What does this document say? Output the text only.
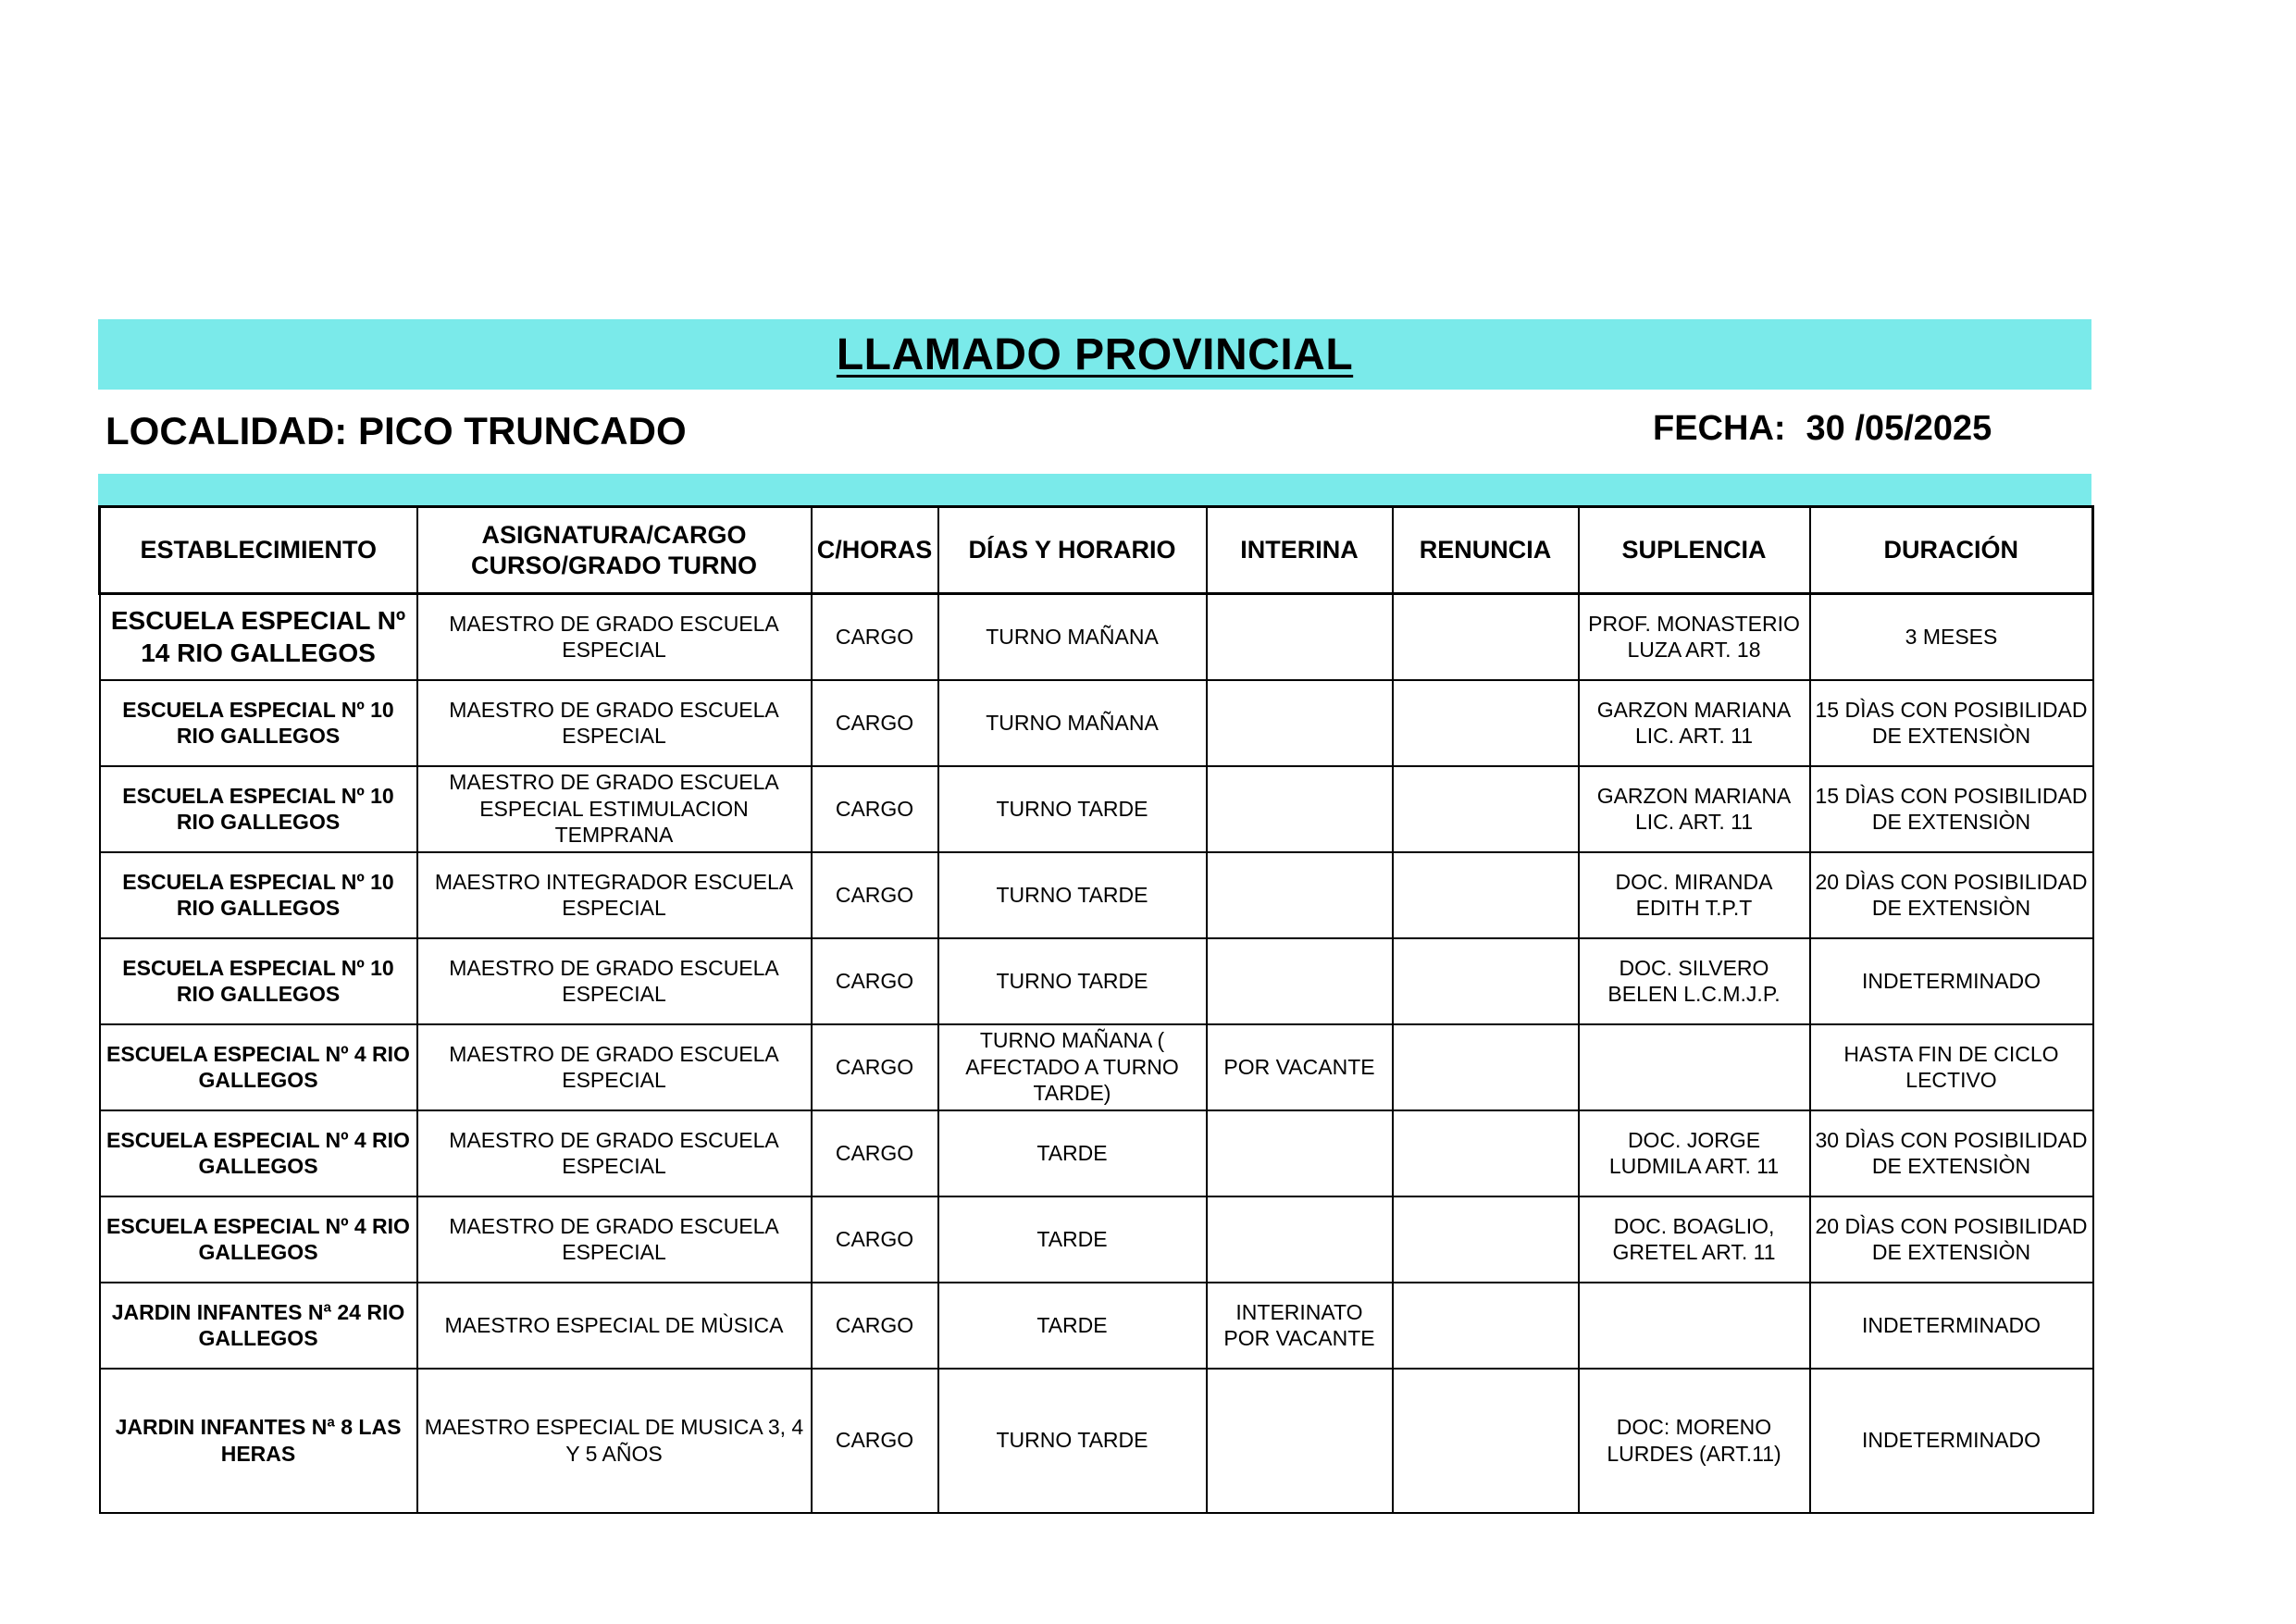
LLAMADO PROVINCIAL
LOCALIDAD: PICO TRUNCADO	FECHA: 30 /05/2025
ESTABLECIMIENTO	ASIGNATURA/CARGO CURSO/GRADO TURNO	C/HORAS	DÍAS Y HORARIO	INTERINA	RENUNCIA	SUPLENCIA	DURACIÓN
ESCUELA ESPECIAL Nº 14 RIO GALLEGOS	MAESTRO DE GRADO ESCUELA ESPECIAL	CARGO	TURNO MAÑANA			PROF. MONASTERIO LUZA ART. 18	3 MESES
ESCUELA ESPECIAL Nº 10 RIO GALLEGOS	MAESTRO DE GRADO ESCUELA ESPECIAL	CARGO	TURNO MAÑANA			GARZON MARIANA LIC. ART. 11	15 DÌAS CON POSIBILIDAD DE EXTENSIÒN
ESCUELA ESPECIAL Nº 10 RIO GALLEGOS	MAESTRO DE GRADO ESCUELA ESPECIAL ESTIMULACION TEMPRANA	CARGO	TURNO TARDE			GARZON MARIANA LIC. ART. 11	15 DÌAS CON POSIBILIDAD DE EXTENSIÒN
ESCUELA ESPECIAL Nº 10 RIO GALLEGOS	MAESTRO INTEGRADOR ESCUELA ESPECIAL	CARGO	TURNO TARDE			DOC. MIRANDA EDITH T.P.T	20 DÌAS CON POSIBILIDAD DE EXTENSIÒN
ESCUELA ESPECIAL Nº 10 RIO GALLEGOS	MAESTRO DE GRADO ESCUELA ESPECIAL	CARGO	TURNO TARDE			DOC. SILVERO BELEN L.C.M.J.P.	INDETERMINADO
ESCUELA ESPECIAL Nº 4 RIO GALLEGOS	MAESTRO DE GRADO ESCUELA ESPECIAL	CARGO	TURNO MAÑANA ( AFECTADO A TURNO TARDE)	POR VACANTE			HASTA FIN DE CICLO LECTIVO
ESCUELA ESPECIAL Nº 4 RIO GALLEGOS	MAESTRO DE GRADO ESCUELA ESPECIAL	CARGO	TARDE			DOC. JORGE LUDMILA ART. 11	30 DÌAS CON POSIBILIDAD DE EXTENSIÒN
ESCUELA ESPECIAL Nº 4 RIO GALLEGOS	MAESTRO DE GRADO ESCUELA ESPECIAL	CARGO	TARDE			DOC. BOAGLIO, GRETEL ART. 11	20 DÌAS CON POSIBILIDAD DE EXTENSIÒN
JARDIN INFANTES Nª 24 RIO GALLEGOS	MAESTRO ESPECIAL DE MÙSICA	CARGO	TARDE	INTERINATO POR VACANTE			INDETERMINADO
JARDIN INFANTES Nª 8 LAS HERAS	MAESTRO ESPECIAL DE MUSICA 3, 4 Y 5 AÑOS	CARGO	TURNO TARDE			DOC: MORENO LURDES (ART.11)	INDETERMINADO
